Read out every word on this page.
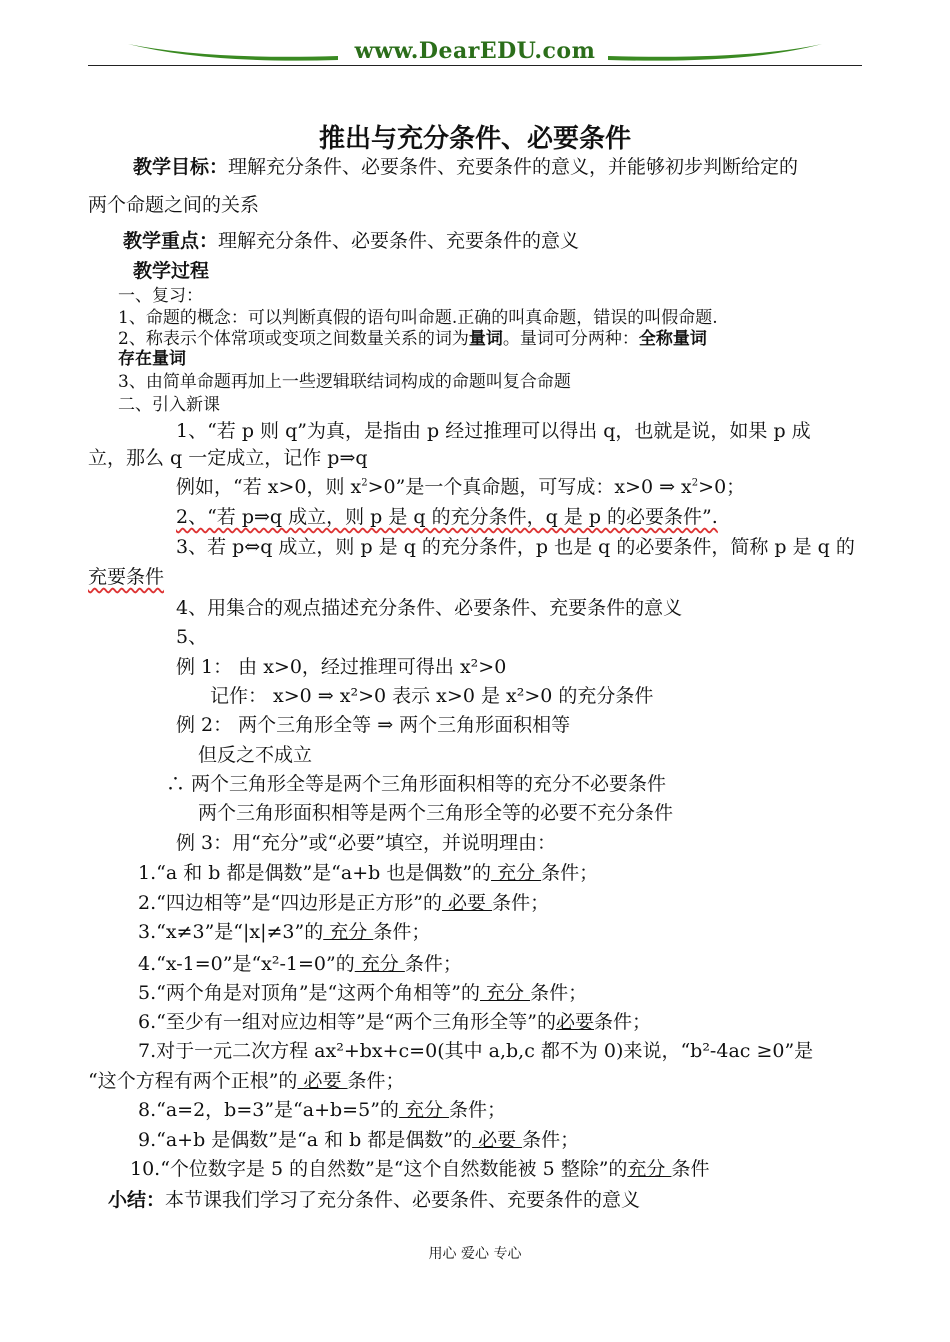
www.DearEDU.com
推出与充分条件、必要条件
教学目标：理解充分条件、必要条件、充要条件的意义，并能够初步判断给定的
两个命题之间的关系
教学重点：理解充分条件、必要条件、充要条件的意义
教学过程
一、复习：
1、命题的概念：可以判断真假的语句叫命题.正确的叫真命题，错误的叫假命题.
2、称表示个体常项或变项之间数量关系的词为量词。量词可分两种：全称量词
存在量词
3、由简单命题再加上一些逻辑联结词构成的命题叫复合命题
二、引入新课
1、“若 p 则 q”为真，是指由 p 经过推理可以得出 q，也就是说，如果 p 成
立，那么 q 一定成立，记作 p⇒q
例如，“若 x>0，则 $x^2>0$”是一个真命题，可写成：x>0 ⇒ $x^2>0$；
2、“若 p⇒q 成立，则 p 是 q 的充分条件，q 是 p 的必要条件”.
3、若 p⇔q 成立，则 p 是 q 的充分条件，p 也是 q 的必要条件，简称 p 是 q 的
充要条件
4、用集合的观点描述充分条件、必要条件、充要条件的意义
5、
例 1： 由 x>0，经过推理可得出 x²>0
记作： x>0 ⇒ x²>0 表示 x>0 是 x²>0 的充分条件
例 2： 两个三角形全等 ⇒ 两个三角形面积相等
但反之不成立
∴ 两个三角形全等是两个三角形面积相等的充分不必要条件
两个三角形面积相等是两个三角形全等的必要不充分条件
例 3：用“充分”或“必要”填空，并说明理由：
1.“a 和 b 都是偶数”是“a+b 也是偶数”的 充分 条件；
2.“四边相等”是“四边形是正方形”的 必要 条件；
3.“x≠3”是“|x|≠3”的 充分 条件；
4.“x-1=0”是“x²-1=0”的 充分 条件；
5.“两个角是对顶角”是“这两个角相等”的 充分 条件；
6.“至少有一组对应边相等”是“两个三角形全等”的必要条件；
7.对于一元二次方程 ax²+bx+c=0(其中 a,b,c 都不为 0)来说，“b²-4ac ≥0”是
“这个方程有两个正根”的 必要 条件；
8.“a=2，b=3”是“a+b=5”的 充分 条件；
9.“a+b 是偶数”是“a 和 b 都是偶数”的 必要 条件；
10.“个位数字是 5 的自然数”是“这个自然数能被 5 整除”的充分 条件
小结：本节课我们学习了充分条件、必要条件、充要条件的意义
用心 爱心 专心
